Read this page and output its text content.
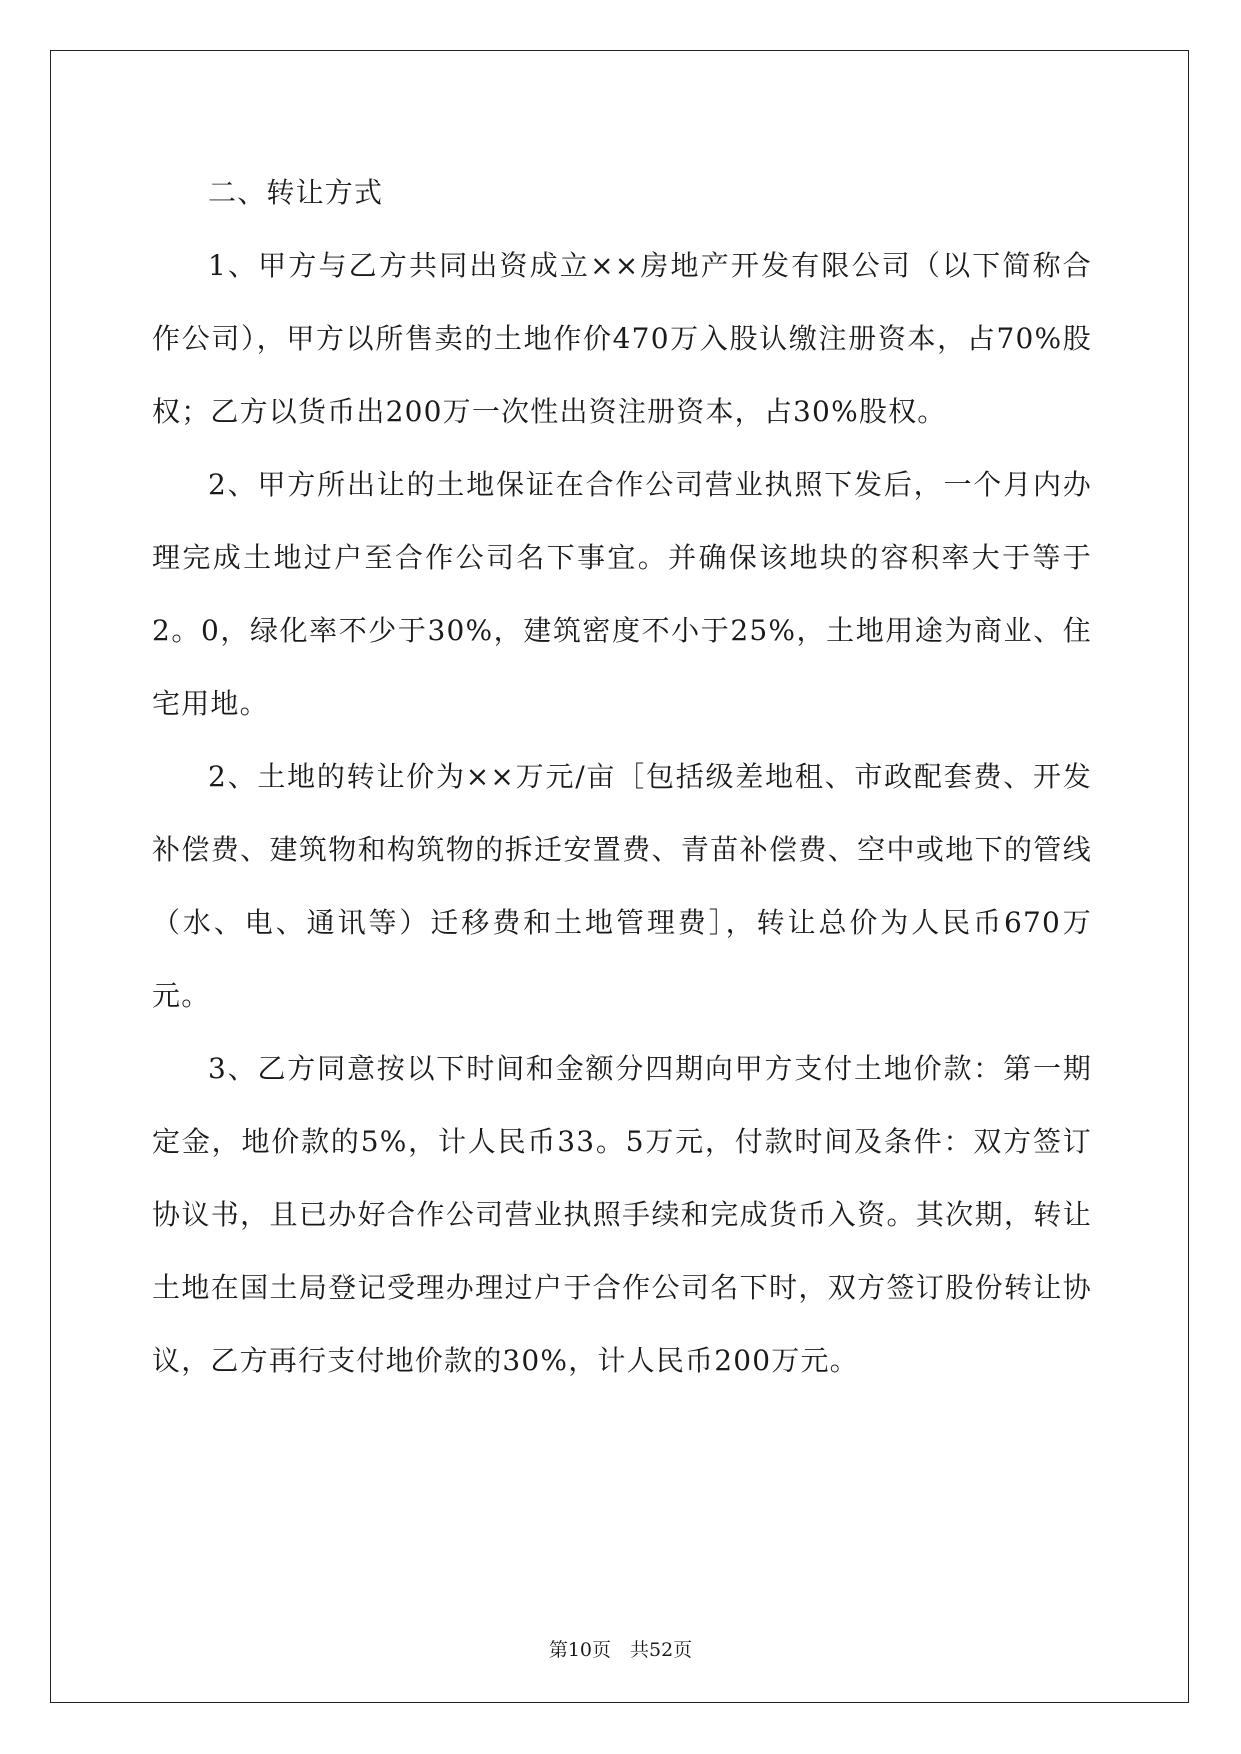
二、转让方式

1、甲方与乙方共同出资成立××房地产开发有限公司（以下简称合作公司），甲方以所售卖的土地作价470万入股认缴注册资本，占70%股权；乙方以货币出200万一次性出资注册资本，占30%股权。

2、甲方所出让的土地保证在合作公司营业执照下发后，一个月内办理完成土地过户至合作公司名下事宜。并确保该地块的容积率大于等于2。0，绿化率不少于30%，建筑密度不小于25%，土地用途为商业、住宅用地。

2、土地的转让价为××万元/亩［包括级差地租、市政配套费、开发补偿费、建筑物和构筑物的拆迁安置费、青苗补偿费、空中或地下的管线（水、电、通讯等）迁移费和土地管理费］，转让总价为人民币670万元。

3、乙方同意按以下时间和金额分四期向甲方支付土地价款：第一期定金，地价款的5%，计人民币33。5万元，付款时间及条件：双方签订协议书，且已办好合作公司营业执照手续和完成货币入资。其次期，转让土地在国土局登记受理办理过户于合作公司名下时，双方签订股份转让协议，乙方再行支付地价款的30%，计人民币200万元。

第10页　共52页
